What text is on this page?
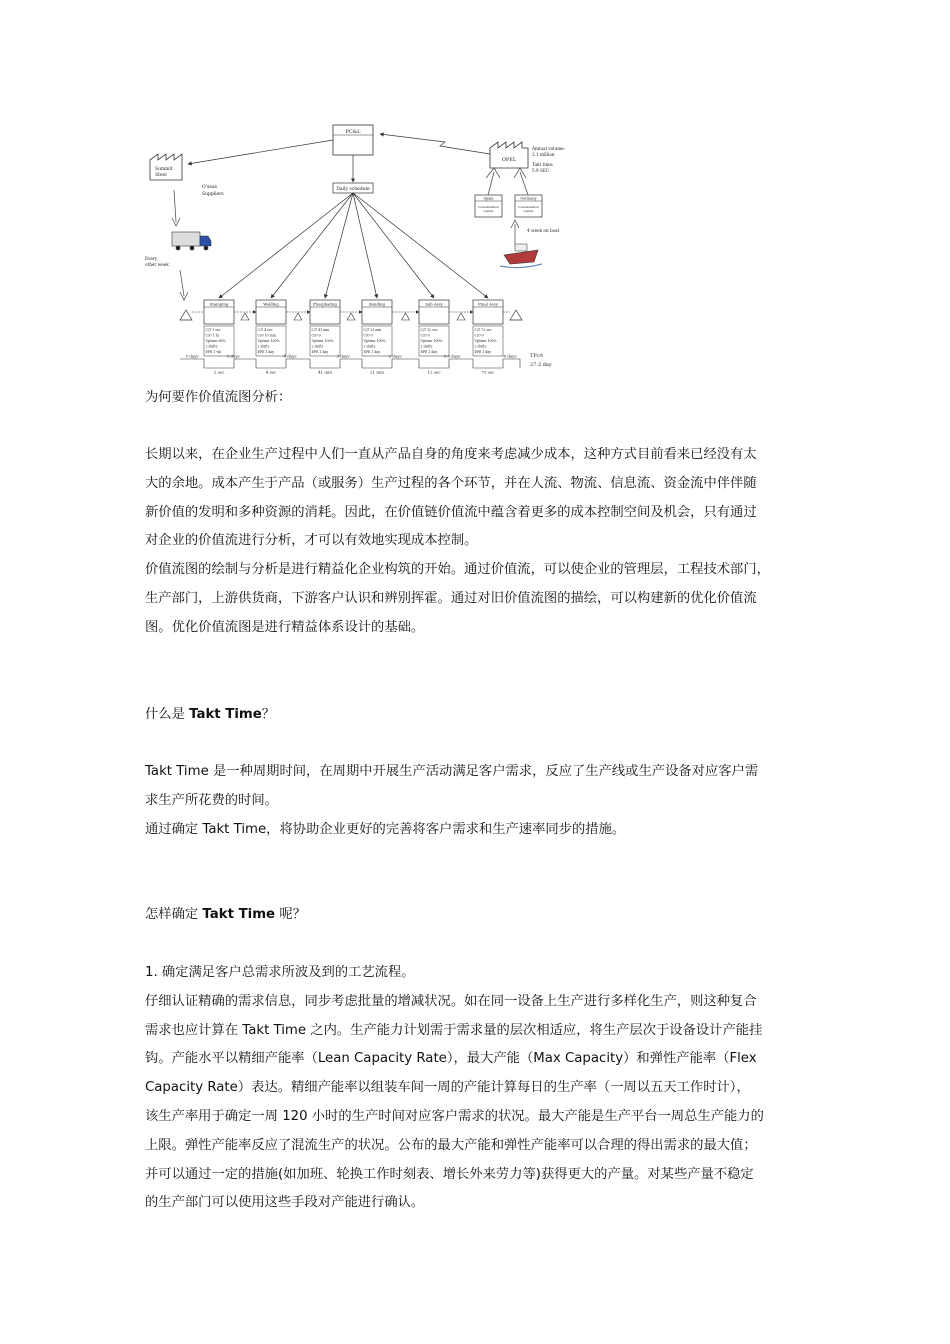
PC&L
Summit
Steel
O'seas
Suppliers
OPEL
Annual volume:
2.1 million
Takt time:
5.9 SEC
Daily schedule
Spain
Consolidation
Center
Germany
Consolidation
Center
4 week on boat
Every
other week
Stamping
C/T 1 sec
C/O 1 hr
Uptime 85%
2 shifts
EPE 1 wk
Welding
C/T 4 sec
C/O 10 min
Uptime 100%
2 shifts
EPE 1 day
Phosphating
C/T 41 min
C/O 0
Uptime 100%
2 shifts
EPE 1 day
Bonding
C/T 21 min
C/O 0
Uptime 100%
2 shifts
EPE 1 day
Sub Assy
C/T 12 sec
C/O 0
Uptime 100%
2 shifts
EPE 1 day
Final Assy
C/T 72 sec
C/O 0
Uptime 100%
2 shifts
EPE 1 day
5 days	3 days	4 days	3 days	2 days	0.6 days	6 days
2 sec	4 sec	41 min	21 min	12 sec	72 sec
TPc/t
27.2 day

为何要作价值流图分析：

长期以来，在企业生产过程中人们一直从产品自身的角度来考虑减少成本，这种方式目前看来已经没有太

大的余地。成本产生于产品（或服务）生产过程的各个环节，并在人流、物流、信息流、资金流中伴伴随

新价值的发明和多种资源的消耗。因此，在价值链价值流中蕴含着更多的成本控制空间及机会，只有通过

对企业的价值流进行分析，才可以有效地实现成本控制。

价值流图的绘制与分析是进行精益化企业构筑的开始。通过价值流，可以使企业的管理层，工程技术部门，

生产部门，上游供货商，下游客户认识和辨别挥霍。通过对旧价值流图的描绘，可以构建新的优化价值流

图。优化价值流图是进行精益体系设计的基础。

什么是 Takt Time？

Takt Time 是一种周期时间，在周期中开展生产活动满足客户需求，反应了生产线或生产设备对应客户需

求生产所花费的时间。

通过确定 Takt Time，将协助企业更好的完善将客户需求和生产速率同步的措施。

怎样确定 Takt Time 呢？

1. 确定满足客户总需求所波及到的工艺流程。

仔细认证精确的需求信息，同步考虑批量的增减状况。如在同一设备上生产进行多样化生产，则这种复合

需求也应计算在 Takt Time 之内。生产能力计划需于需求量的层次相适应，将生产层次于设备设计产能挂

钩。产能水平以精细产能率（Lean Capacity Rate），最大产能（Max Capacity）和弹性产能率（Flex

Capacity Rate）表达。精细产能率以组装车间一周的产能计算每日的生产率（一周以五天工作时计），

该生产率用于确定一周 120 小时的生产时间对应客户需求的状况。最大产能是生产平台一周总生产能力的

上限。弹性产能率反应了混流生产的状况。公布的最大产能和弹性产能率可以合理的得出需求的最大值；

并可以通过一定的措施(如加班、轮换工作时刻表、增长外来劳力等)获得更大的产量。对某些产量不稳定

的生产部门可以使用这些手段对产能进行确认。
